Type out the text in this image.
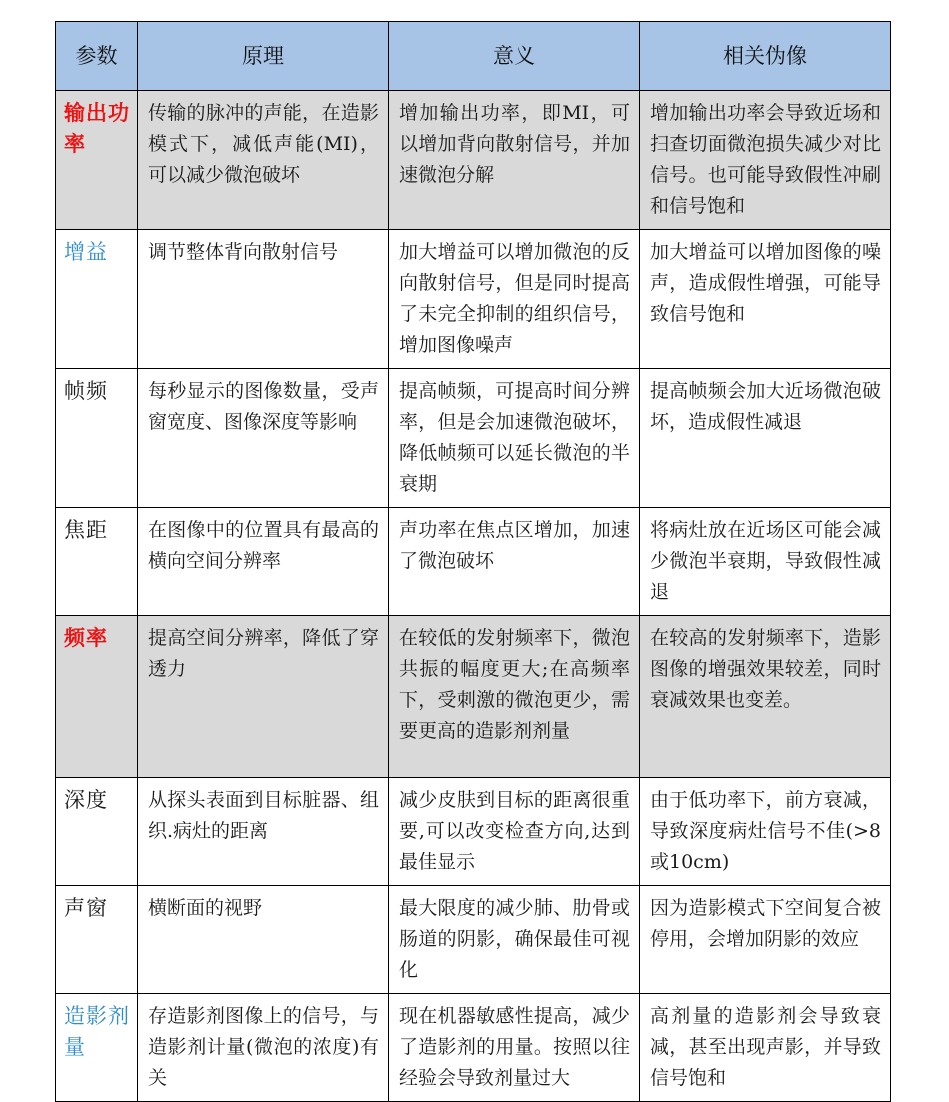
参数	原理	意义	相关伪像
输出功率	传输的脉冲的声能，在造影模式下，减低声能(MI)，可以减少微泡破坏	增加输出功率，即MI，可以增加背向散射信号，并加速微泡分解	增加输出功率会导致近场和扫查切面微泡损失减少对比信号。也可能导致假性冲刷和信号饱和
增益	调节整体背向散射信号	加大增益可以增加微泡的反向散射信号，但是同时提高了未完全抑制的组织信号，增加图像噪声	加大增益可以增加图像的噪声，造成假性增强，可能导致信号饱和
帧频	每秒显示的图像数量，受声窗宽度、图像深度等影响	提高帧频，可提高时间分辨率，但是会加速微泡破坏，降低帧频可以延长微泡的半衰期	提高帧频会加大近场微泡破坏，造成假性减退
焦距	在图像中的位置具有最高的横向空间分辨率	声功率在焦点区增加，加速了微泡破坏	将病灶放在近场区可能会减少微泡半衰期，导致假性减退
频率	提高空间分辨率，降低了穿透力	在较低的发射频率下，微泡共振的幅度更大;在高频率下，受刺激的微泡更少，需要更高的造影剂剂量	在较高的发射频率下，造影图像的增强效果较差，同时衰减效果也变差。
深度	从探头表面到目标脏器、组织.病灶的距离	减少皮肤到目标的距离很重要,可以改变检查方向,达到最佳显示	由于低功率下，前方衰减，导致深度病灶信号不佳(>8或10cm)
声窗	横断面的视野	最大限度的减少肺、肋骨或肠道的阴影，确保最佳可视化	因为造影模式下空间复合被停用，会增加阴影的效应
造影剂量	存造影剂图像上的信号，与造影剂计量(微泡的浓度)有关	现在机器敏感性提高，减少了造影剂的用量。按照以往经验会导致剂量过大	高剂量的造影剂会导致衰减，甚至出现声影，并导致信号饱和
